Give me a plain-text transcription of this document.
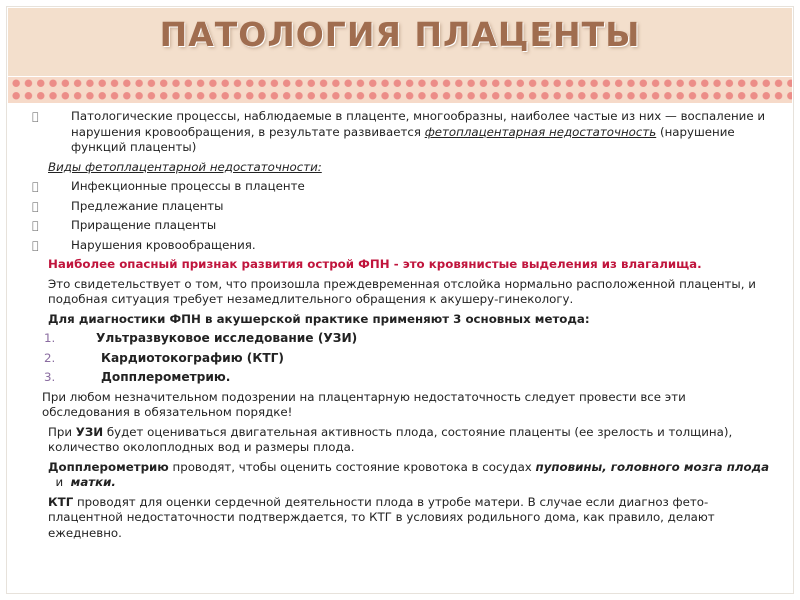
ПАТОЛОГИЯ ПЛАЦЕНТЫ
Патологические процессы, наблюдаемые в плаценте, многообразны, наиболее частые из них — воспаление и нарушения кровообращения, в результате развивается фетоплацентарная недостаточность (нарушение функций плаценты)
Виды фетоплацентарной недостаточности:
Инфекционные процессы в плаценте
Предлежание плаценты
Приращение плаценты
Нарушения кровообращения.
Наиболее опасный признак развития острой ФПН - это кровянистые выделения из влагалища.
Это свидетельствует о том, что произошла преждевременная отслойка нормально расположенной плаценты, и подобная ситуация требует незамедлительного обращения к акушеру-гинекологу.
Для диагностики ФПН в акушерской практике применяют 3 основных метода:
1.	Ультразвуковое исследование (УЗИ)
2.	Кардиотокографию (КТГ)
3.	Допплерометрию.
При любом незначительном подозрении на плацентарную недостаточность следует провести все эти обследования в обязательном порядке!
При УЗИ будет оцениваться двигательная активность плода, состояние плаценты (ее зрелость и толщина), количество околоплодных вод и размеры плода.
Допплерометрию проводят, чтобы оценить состояние кровотока в сосудах пуповины, головного мозга плода  и  матки.
КТГ проводят для оценки сердечной деятельности плода в утробе матери. В случае если диагноз фето-плацентной недостаточности подтверждается, то КТГ в условиях родильного дома, как правило, делают ежедневно.
